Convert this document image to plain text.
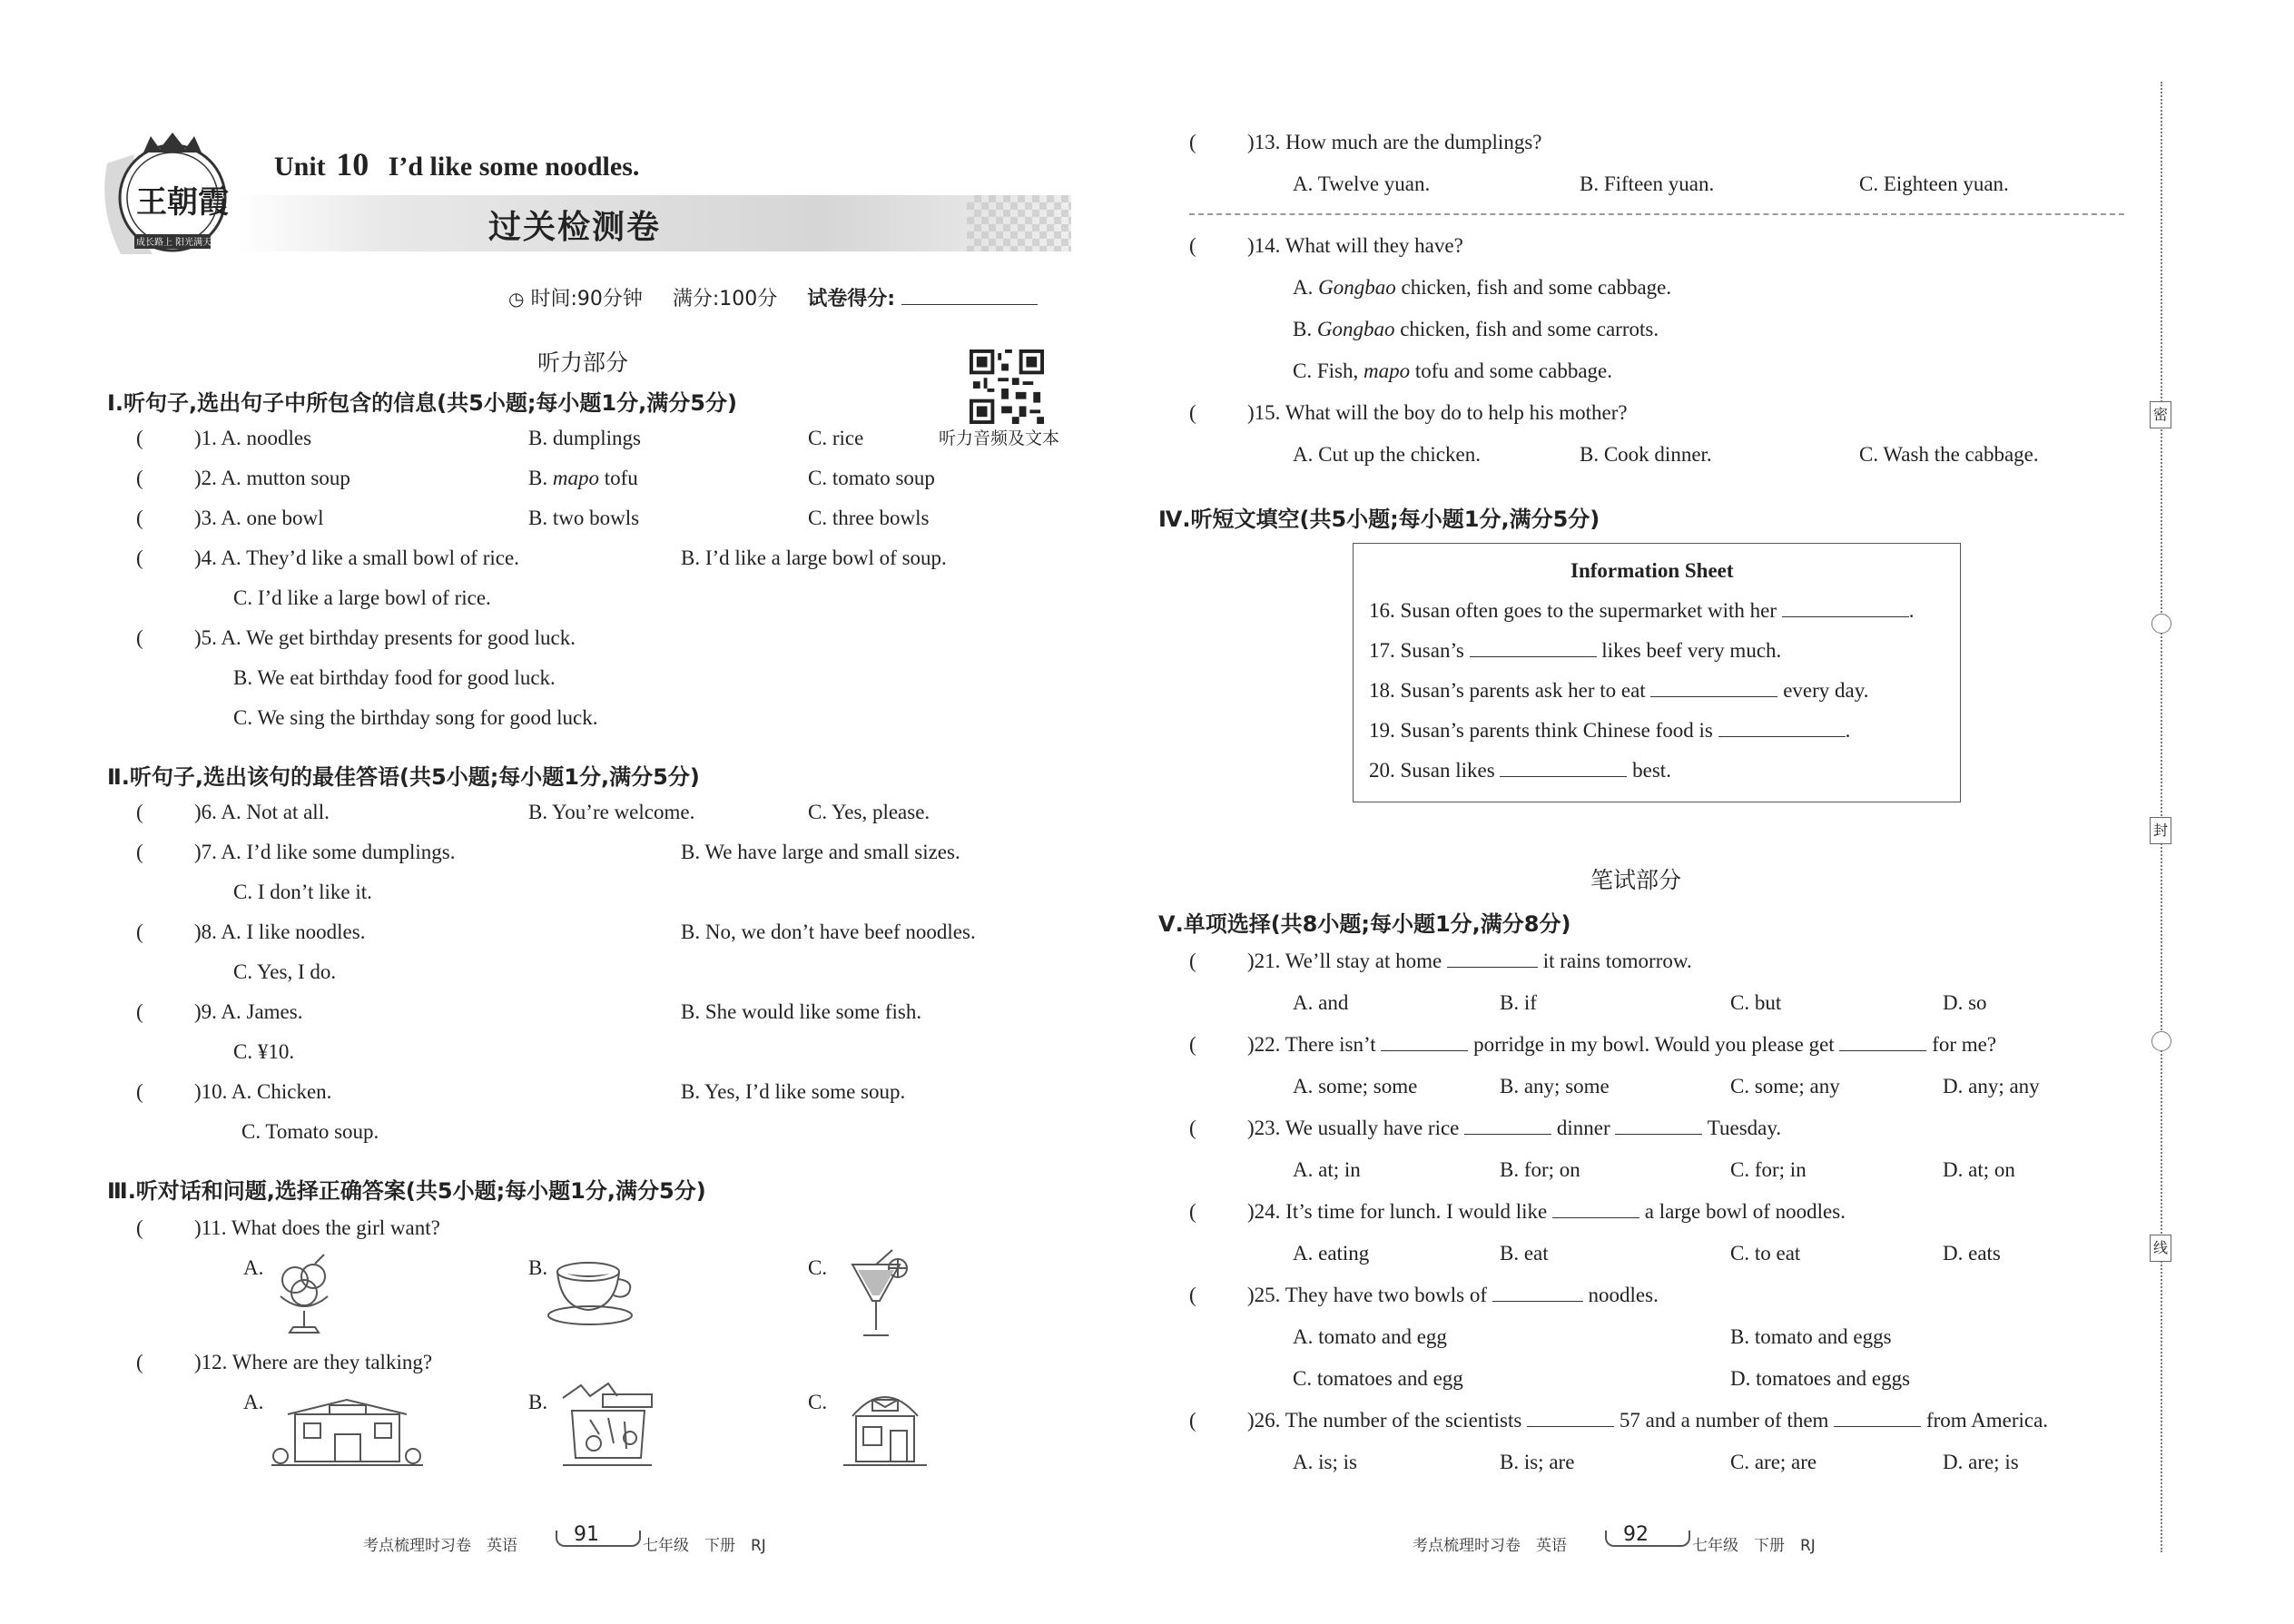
王朝霞
成长路上 阳光满天
Unit 10 I’d like some noodles.
过关检测卷
◷ 时间:90分钟 满分:100分 试卷得分:
听力音频及文本
听力部分
Ⅰ.听句子,选出句子中所包含的信息(共5小题;每小题1分,满分5分)
( )1. A. noodles	B. dumplings	C. rice
( )2. A. mutton soup	B. mapo tofu	C. tomato soup
( )3. A. one bowl	B. two bowls	C. three bowls
( )4. A. They’d like a small bowl of rice.	B. I’d like a large bowl of soup.
C. I’d like a large bowl of rice.
( )5. A. We get birthday presents for good luck.
B. We eat birthday food for good luck.
C. We sing the birthday song for good luck.
Ⅱ.听句子,选出该句的最佳答语(共5小题;每小题1分,满分5分)
( )6. A. Not at all.	B. You’re welcome.	C. Yes, please.
( )7. A. I’d like some dumplings.	B. We have large and small sizes.
C. I don’t like it.
( )8. A. I like noodles.	B. No, we don’t have beef noodles.
C. Yes, I do.
( )9. A. James.	B. She would like some fish.
C. ¥10.
( )10. A. Chicken.	B. Yes, I’d like some soup.
C. Tomato soup.
Ⅲ.听对话和问题,选择正确答案(共5小题;每小题1分,满分5分)
( )11. What does the girl want?
A.	B.	C.
( )12. Where are they talking?
A.	B.	C.
考点梳理时习卷　英语	91	七年级　下册　RJ
( )13. How much are the dumplings?
A. Twelve yuan.	B. Fifteen yuan.	C. Eighteen yuan.
( )14. What will they have?
A. Gongbao chicken, fish and some cabbage.
B. Gongbao chicken, fish and some carrots.
C. Fish, mapo tofu and some cabbage.
( )15. What will the boy do to help his mother?
A. Cut up the chicken.	B. Cook dinner.	C. Wash the cabbage.
Ⅳ.听短文填空(共5小题;每小题1分,满分5分)
Information Sheet
16. Susan often goes to the supermarket with her	.
17. Susan’s	likes beef very much.
18. Susan’s parents ask her to eat	every day.
19. Susan’s parents think Chinese food is	.
20. Susan likes	best.
笔试部分
Ⅴ.单项选择(共8小题;每小题1分,满分8分)
( )21. We’ll stay at home	it rains tomorrow.
A. and	B. if	C. but	D. so
( )22. There isn’t	porridge in my bowl. Would you please get	for me?
A. some; some	B. any; some	C. some; any	D. any; any
( )23. We usually have rice	dinner	Tuesday.
A. at; in	B. for; on	C. for; in	D. at; on
( )24. It’s time for lunch. I would like	a large bowl of noodles.
A. eating	B. eat	C. to eat	D. eats
( )25. They have two bowls of	noodles.
A. tomato and egg	B. tomato and eggs
C. tomatoes and egg	D. tomatoes and eggs
( )26. The number of the scientists	57 and a number of them	from America.
A. is; is	B. is; are	C. are; are	D. are; is
考点梳理时习卷　英语	92	七年级　下册　RJ
密
封
线
